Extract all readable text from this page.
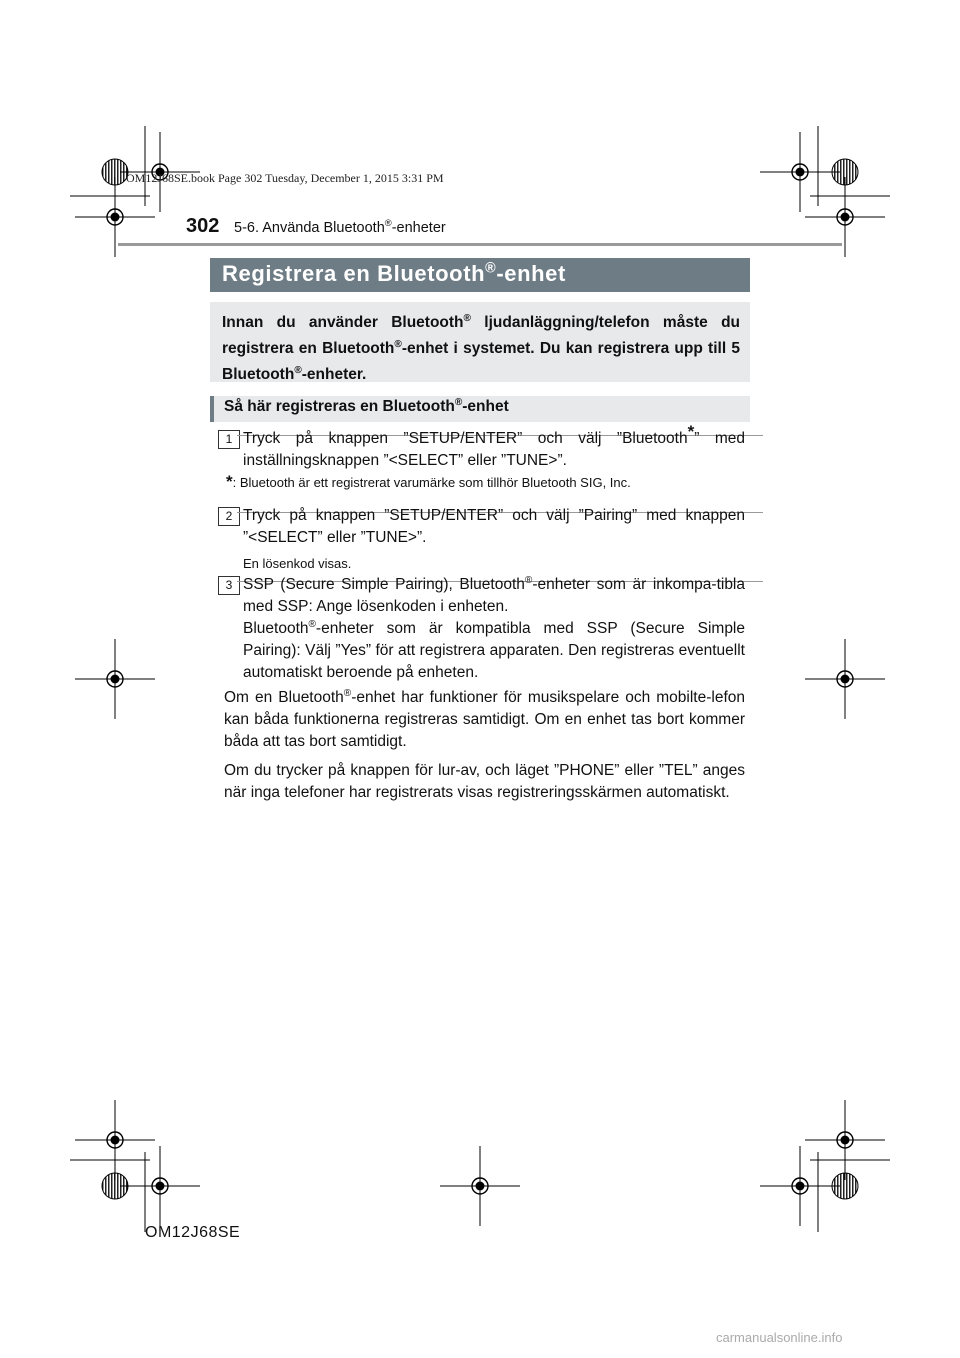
OM12J68SE.book Page 302 Tuesday, December 1, 2015 3:31 PM
302 5-6. Använda Bluetooth®-enheter
Registrera en Bluetooth®-enhet
Innan du använder Bluetooth® ljudanläggning/telefon måste du registrera en Bluetooth®-enhet i systemet. Du kan registrera upp till 5 Bluetooth®-enheter.
Så här registreras en Bluetooth®-enhet
1 Tryck på knappen ”SETUP/ENTER” och välj ”Bluetooth*” med inställningsknappen ”<SELECT” eller ”TUNE>”.
*: Bluetooth är ett registrerat varumärke som tillhör Bluetooth SIG, Inc.
2 Tryck på knappen ”SETUP/ENTER” och välj ”Pairing” med knappen ”<SELECT” eller ”TUNE>”.
En lösenkod visas.
3 SSP (Secure Simple Pairing), Bluetooth®-enheter som är inkompa-tibla med SSP: Ange lösenkoden i enheten.
Bluetooth®-enheter som är kompatibla med SSP (Secure Simple Pairing): Välj ”Yes” för att registrera apparaten. Den registreras eventuellt automatiskt beroende på enheten.
Om en Bluetooth®-enhet har funktioner för musikspelare och mobilte-lefon kan båda funktionerna registreras samtidigt. Om en enhet tas bort kommer båda att tas bort samtidigt.
Om du trycker på knappen för lur-av, och läget ”PHONE” eller ”TEL” anges när inga telefoner har registrerats visas registreringsskärmen automatiskt.
OM12J68SE
carmanualsonline.info
